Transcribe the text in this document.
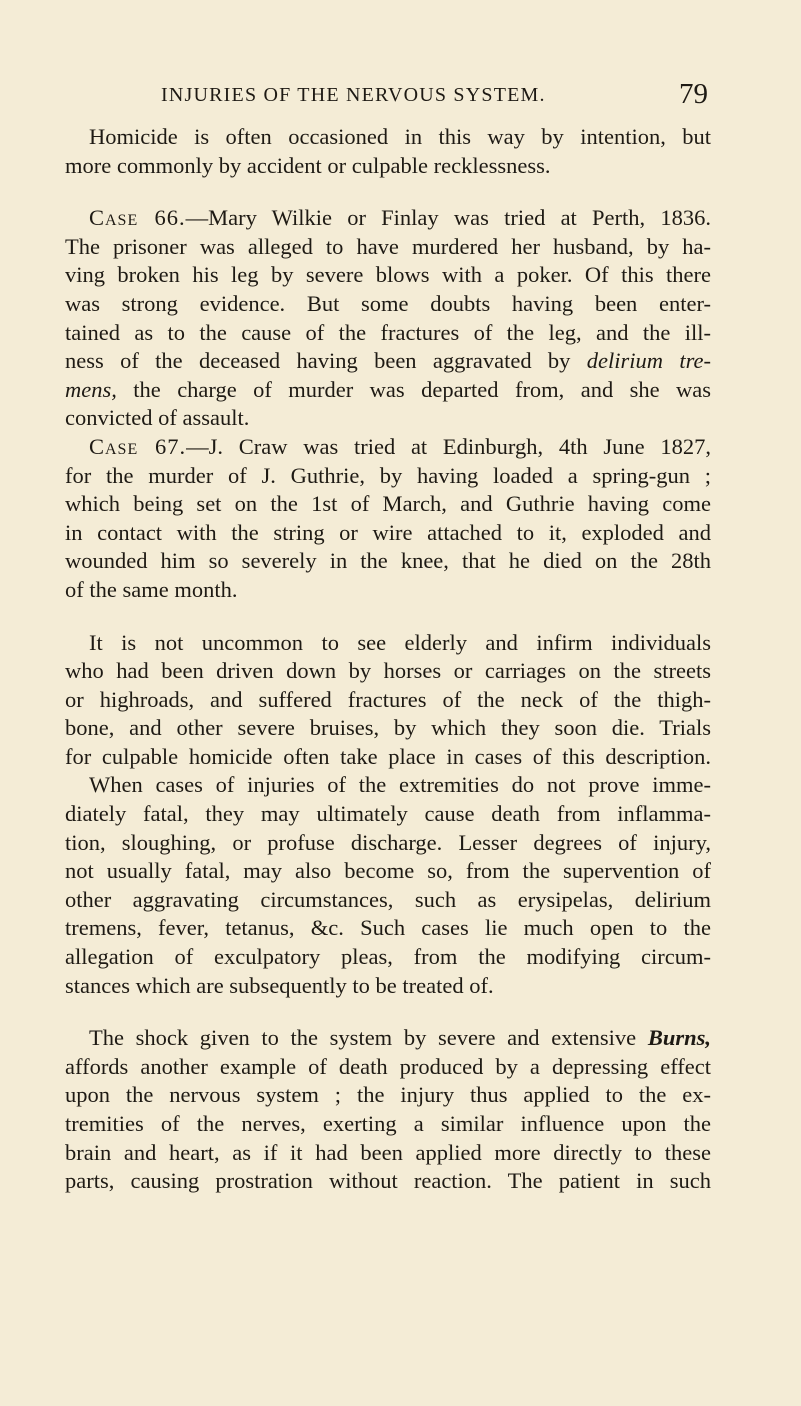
INJURIES OF THE NERVOUS SYSTEM.	79
Homicide is often occasioned in this way by intention, but
more commonly by accident or culpable recklessness.
Case 66.—Mary Wilkie or Finlay was tried at Perth, 1836.
The prisoner was alleged to have murdered her husband, by ha-
ving broken his leg by severe blows with a poker. Of this there
was strong evidence. But some doubts having been enter-
tained as to the cause of the fractures of the leg, and the ill-
ness of the deceased having been aggravated by delirium tre-
mens, the charge of murder was departed from, and she was
convicted of assault.
Case 67.—J. Craw was tried at Edinburgh, 4th June 1827,
for the murder of J. Guthrie, by having loaded a spring-gun ;
which being set on the 1st of March, and Guthrie having come
in contact with the string or wire attached to it, exploded and
wounded him so severely in the knee, that he died on the 28th
of the same month.
It is not uncommon to see elderly and infirm individuals
who had been driven down by horses or carriages on the streets
or highroads, and suffered fractures of the neck of the thigh-
bone, and other severe bruises, by which they soon die. Trials
for culpable homicide often take place in cases of this description.
When cases of injuries of the extremities do not prove imme-
diately fatal, they may ultimately cause death from inflamma-
tion, sloughing, or profuse discharge. Lesser degrees of injury,
not usually fatal, may also become so, from the supervention of
other aggravating circumstances, such as erysipelas, delirium
tremens, fever, tetanus, &c. Such cases lie much open to the
allegation of exculpatory pleas, from the modifying circum-
stances which are subsequently to be treated of.
The shock given to the system by severe and extensive Burns,
affords another example of death produced by a depressing effect
upon the nervous system ; the injury thus applied to the ex-
tremities of the nerves, exerting a similar influence upon the
brain and heart, as if it had been applied more directly to these
parts, causing prostration without reaction. The patient in such
